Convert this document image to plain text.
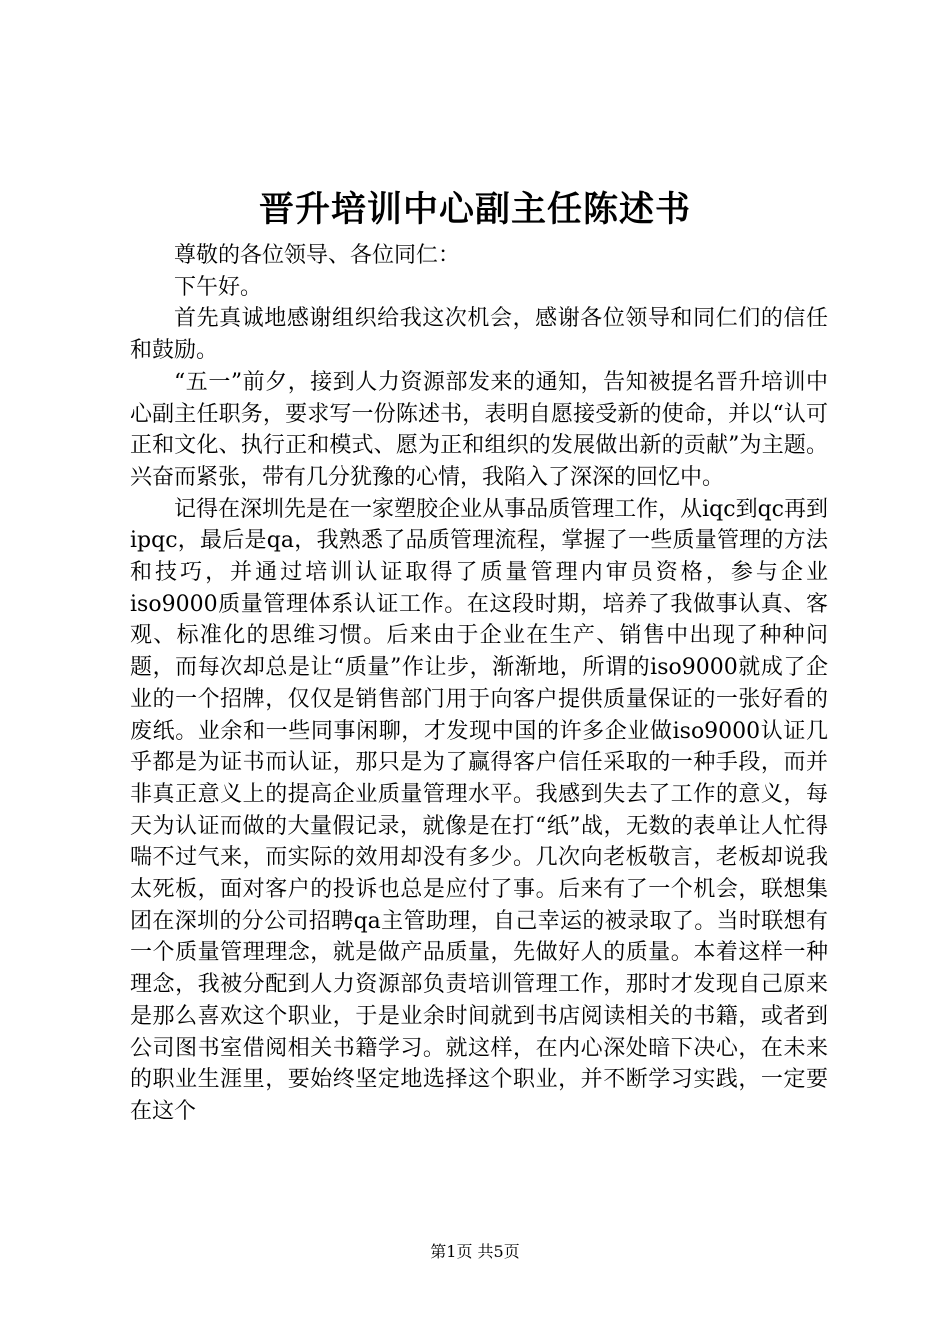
晋升培训中心副主任陈述书

尊敬的各位领导、各位同仁：

下午好。

首先真诚地感谢组织给我这次机会，感谢各位领导和同仁们的信任和鼓励。

“五一”前夕，接到人力资源部发来的通知，告知被提名晋升培训中心副主任职务，要求写一份陈述书，表明自愿接受新的使命，并以“认可正和文化、执行正和模式、愿为正和组织的发展做出新的贡献”为主题。兴奋而紧张，带有几分犹豫的心情，我陷入了深深的回忆中。

记得在深圳先是在一家塑胶企业从事品质管理工作，从iqc到qc再到ipqc，最后是qa，我熟悉了品质管理流程，掌握了一些质量管理的方法和技巧，并通过培训认证取得了质量管理内审员资格，参与企业iso9000质量管理体系认证工作。在这段时期，培养了我做事认真、客观、标准化的思维习惯。后来由于企业在生产、销售中出现了种种问题，而每次却总是让“质量”作让步，渐渐地，所谓的iso9000就成了企业的一个招牌，仅仅是销售部门用于向客户提供质量保证的一张好看的废纸。业余和一些同事闲聊，才发现中国的许多企业做iso9000认证几乎都是为证书而认证，那只是为了赢得客户信任采取的一种手段，而并非真正意义上的提高企业质量管理水平。我感到失去了工作的意义，每天为认证而做的大量假记录，就像是在打“纸”战，无数的表单让人忙得喘不过气来，而实际的效用却没有多少。几次向老板敬言，老板却说我太死板，面对客户的投诉也总是应付了事。后来有了一个机会，联想集团在深圳的分公司招聘qa主管助理，自己幸运的被录取了。当时联想有一个质量管理理念，就是做产品质量，先做好人的质量。本着这样一种理念，我被分配到人力资源部负责培训管理工作，那时才发现自己原来是那么喜欢这个职业，于是业余时间就到书店阅读相关的书籍，或者到公司图书室借阅相关书籍学习。就这样，在内心深处暗下决心，在未来的职业生涯里，要始终坚定地选择这个职业，并不断学习实践，一定要在这个

第1页 共5页
